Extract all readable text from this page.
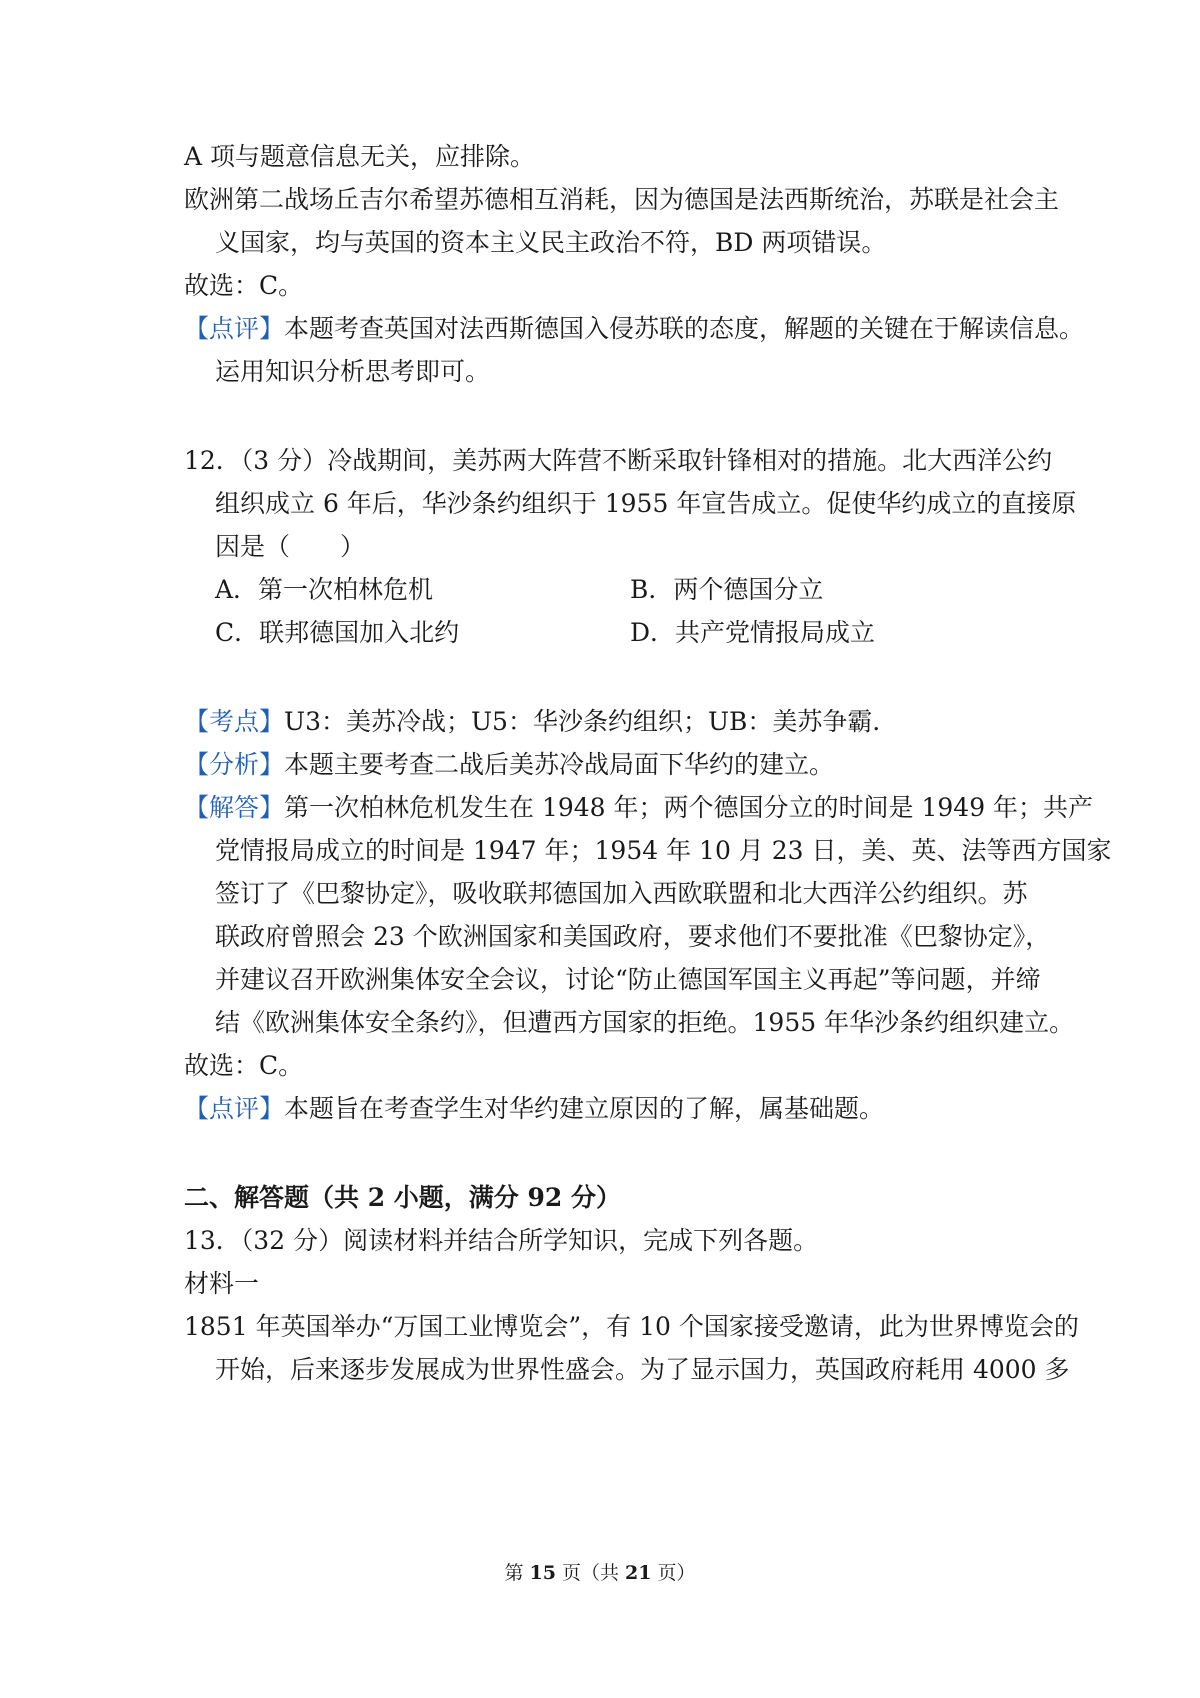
A 项与题意信息无关，应排除。
欧洲第二战场丘吉尔希望苏德相互消耗，因为德国是法西斯统治，苏联是社会主
义国家，均与英国的资本主义民主政治不符，BD 两项错误。
故选：C。
【点评】本题考查英国对法西斯德国入侵苏联的态度，解题的关键在于解读信息。
运用知识分析思考即可。
12．（3 分）冷战期间，美苏两大阵营不断采取针锋相对的措施。北大西洋公约
组织成立 6 年后，华沙条约组织于 1955 年宣告成立。促使华约成立的直接原
因是（　　）
A．第一次柏林危机	B．两个德国分立
C．联邦德国加入北约	D．共产党情报局成立
【考点】U3：美苏冷战；U5：华沙条约组织；UB：美苏争霸．
【分析】本题主要考查二战后美苏冷战局面下华约的建立。
【解答】第一次柏林危机发生在 1948 年；两个德国分立的时间是 1949 年；共产
党情报局成立的时间是 1947 年；1954 年 10 月 23 日，美、英、法等西方国家
签订了《巴黎协定》，吸收联邦德国加入西欧联盟和北大西洋公约组织。苏
联政府曾照会 23 个欧洲国家和美国政府，要求他们不要批准《巴黎协定》，
并建议召开欧洲集体安全会议，讨论“防止德国军国主义再起”等问题，并缔
结《欧洲集体安全条约》，但遭西方国家的拒绝。1955 年华沙条约组织建立。
故选：C。
【点评】本题旨在考查学生对华约建立原因的了解，属基础题。
二、解答题（共 2 小题，满分 92 分）
13．（32 分）阅读材料并结合所学知识，完成下列各题。
材料一
1851 年英国举办“万国工业博览会”，有 10 个国家接受邀请，此为世界博览会的
开始，后来逐步发展成为世界性盛会。为了显示国力，英国政府耗用 4000 多
第 15 页（共 21 页）
